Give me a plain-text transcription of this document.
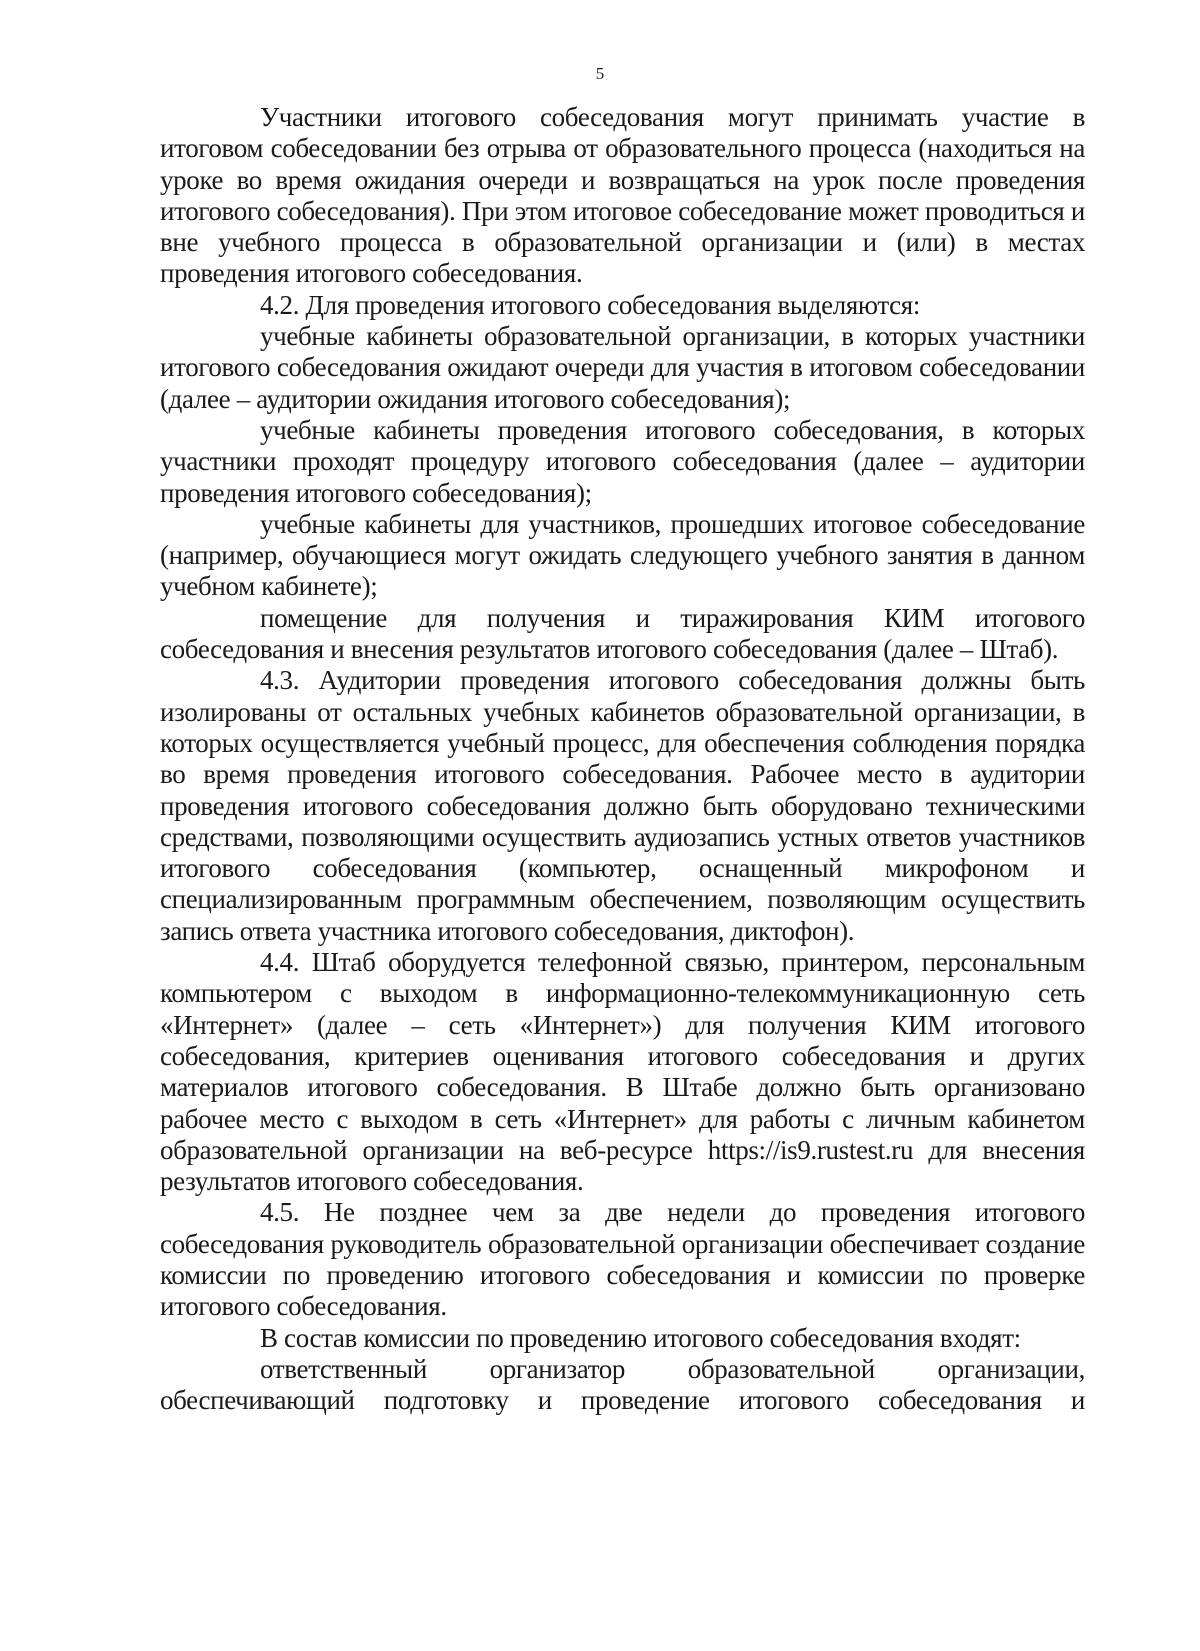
5

Участники итогового собеседования могут принимать участие в итоговом собеседовании без отрыва от образовательного процесса (находиться на уроке во время ожидания очереди и возвращаться на урок после проведения итогового собеседования). При этом итоговое собеседование может проводиться и вне учебного процесса в образовательной организации и (или) в местах проведения итогового собеседования.

4.2. Для проведения итогового собеседования выделяются:

учебные кабинеты образовательной организации, в которых участники итогового собеседования ожидают очереди для участия в итоговом собеседовании (далее – аудитории ожидания итогового собеседования);

учебные кабинеты проведения итогового собеседования, в которых участники проходят процедуру итогового собеседования (далее – аудитории проведения итогового собеседования);

учебные кабинеты для участников, прошедших итоговое собеседование (например, обучающиеся могут ожидать следующего учебного занятия в данном учебном кабинете);

помещение для получения и тиражирования КИМ итогового собеседования и внесения результатов итогового собеседования (далее – Штаб).

4.3. Аудитории проведения итогового собеседования должны быть изолированы от остальных учебных кабинетов образовательной организации, в которых осуществляется учебный процесс, для обеспечения соблюдения порядка во время проведения итогового собеседования. Рабочее место в аудитории проведения итогового собеседования должно быть оборудовано техническими средствами, позволяющими осуществить аудиозапись устных ответов участников итогового собеседования (компьютер, оснащенный микрофоном и специализированным программным обеспечением, позволяющим осуществить запись ответа участника итогового собеседования, диктофон).

4.4. Штаб оборудуется телефонной связью, принтером, персональным компьютером с выходом в информационно-телекоммуникационную сеть «Интернет» (далее – сеть «Интернет») для получения КИМ итогового собеседования, критериев оценивания итогового собеседования и других материалов итогового собеседования. В Штабе должно быть организовано рабочее место с выходом в сеть «Интернет» для работы с личным кабинетом образовательной организации на веб-ресурсе https://is9.rustest.ru для внесения результатов итогового собеседования.

4.5. Не позднее чем за две недели до проведения итогового собеседования руководитель образовательной организации обеспечивает создание комиссии по проведению итогового собеседования и комиссии по проверке итогового собеседования.

В состав комиссии по проведению итогового собеседования входят:

ответственный организатор образовательной организации, обеспечивающий подготовку и проведение итогового собеседования и
